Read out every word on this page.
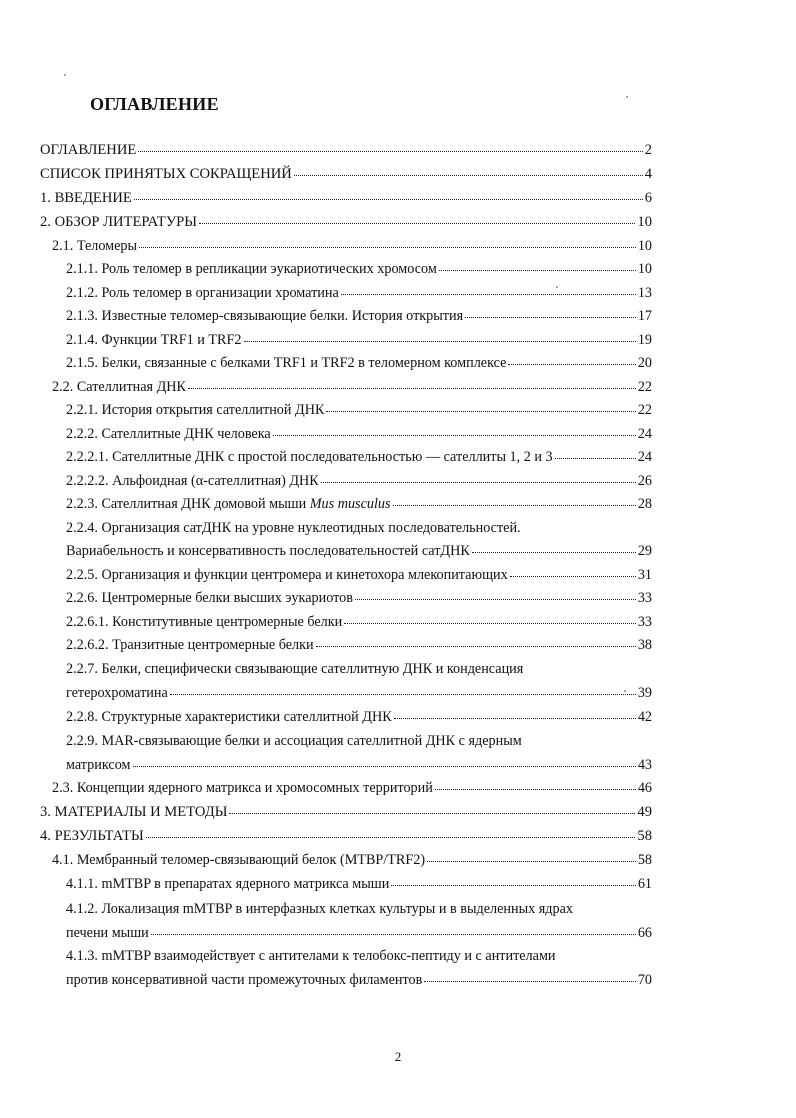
ОГЛАВЛЕНИЕ
ОГЛАВЛЕНИЕ	2
СПИСОК ПРИНЯТЫХ СОКРАЩЕНИЙ	4
1. ВВЕДЕНИЕ	6
2. ОБЗОР ЛИТЕРАТУРЫ	10
2.1. Теломеры	10
2.1.1. Роль теломер в репликации эукариотических хромосом	10
2.1.2. Роль теломер в организации хроматина	13
2.1.3. Известные теломер-связывающие белки. История открытия	17
2.1.4. Функции TRF1 и TRF2	19
2.1.5. Белки, связанные с белками TRF1 и TRF2 в теломерном комплексе	20
2.2. Сателлитная ДНК	22
2.2.1. История открытия сателлитной ДНК	22
2.2.2. Сателлитные ДНК человека	24
2.2.2.1. Сателлитные ДНК с простой последовательностью — сателлиты 1, 2 и 3	24
2.2.2.2. Альфоидная (α-сателлитная) ДНК	26
2.2.3. Сателлитная ДНК домовой мыши Mus musculus	28
2.2.4. Организация сатДНК на уровне нуклеотидных последовательностей.
Вариабельность и консервативность последовательностей сатДНК	29
2.2.5. Организация и функции центромера и кинетохора млекопитающих	31
2.2.6. Центромерные белки высших эукариотов	33
2.2.6.1. Конститутивные центромерные белки	33
2.2.6.2. Транзитные центромерные белки	38
2.2.7. Белки, специфически связывающие сателлитную ДНК и конденсация
гетерохроматина	39
2.2.8. Структурные характеристики сателлитной ДНК	42
2.2.9. MAR-связывающие белки и ассоциация сателлитной ДНК с ядерным
матриксом	43
2.3. Концепции ядерного матрикса и хромосомных территорий	46
3. МАТЕРИАЛЫ И МЕТОДЫ	49
4. РЕЗУЛЬТАТЫ	58
4.1. Мембранный теломер-связывающий белок (MTBP/TRF2)	58
4.1.1. mMTBP в препаратах ядерного матрикса мыши	61
4.1.2. Локализация mMTBP в интерфазных клетках культуры и в выделенных ядрах
печени мыши	66
4.1.3. mMTBP взаимодействует с антителами к телобокс-пептиду и с антителами
против консервативной части промежуточных филаментов	70
2
